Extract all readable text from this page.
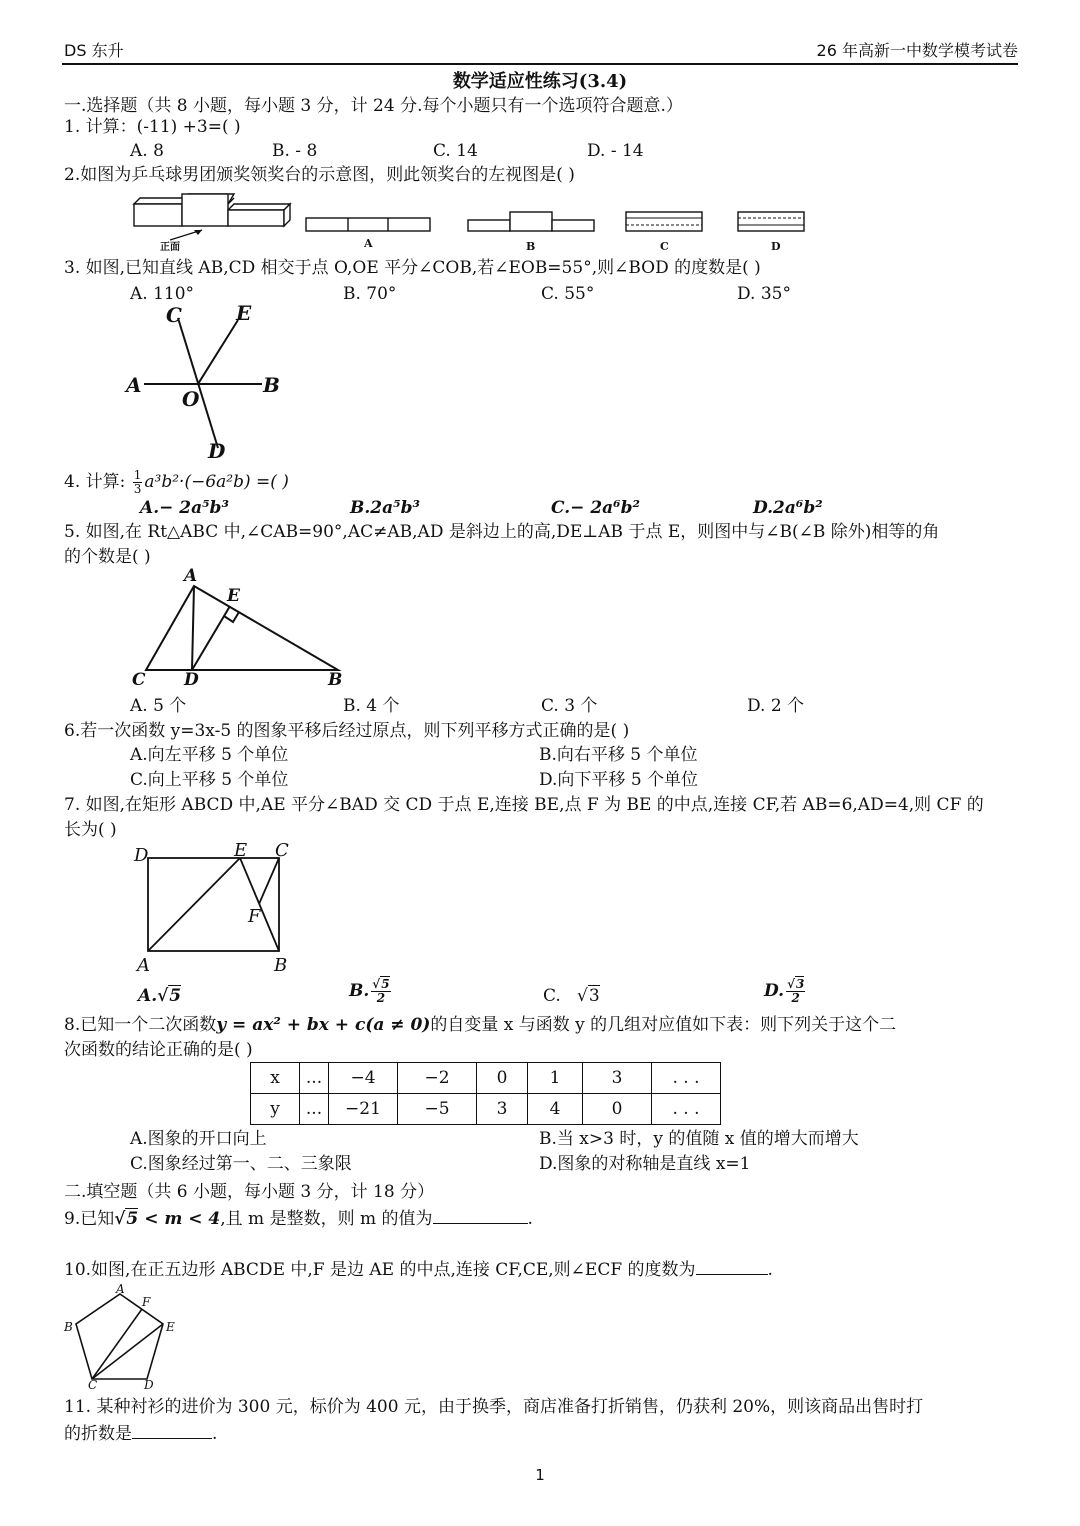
DS 东升	26 年高新一中数学模考试卷
数学适应性练习(3.4)
一.选择题（共 8 小题，每小题 3 分，计 24 分.每个小题只有一个选项符合题意.）
1. 计算：(-11) +3=( )
A. 8	B. - 8	C. 14	D. - 14
2.如图为乒乓球男团颁奖领奖台的示意图，则此领奖台的左视图是( )
正面	A	B	C	D
3. 如图,已知直线 AB,CD 相交于点 O,OE 平分∠COB,若∠EOB=55°,则∠BOD 的度数是( )
A. 110°	B. 70°	C. 55°	D. 35°
C	E
A	B
O
D
4. 计算: $\frac{1}{3} a^3b^2\cdot(-6a^2b)$ =( )
A.− 2a⁵b³	B.2a⁵b³	C.− 2a⁶b²	D.2a⁶b²
5. 如图,在 Rt△ABC 中,∠CAB=90°,AC≠AB,AD 是斜边上的高,DE⊥AB 于点 E，则图中与∠B(∠B 除外)相等的角
的个数是( )
A
E
C D	B
A. 5 个	B. 4 个	C. 3 个	D. 2 个
6.若一次函数 y=3x-5 的图象平移后经过原点，则下列平移方式正确的是( )
A.向左平移 5 个单位	B.向右平移 5 个单位
C.向上平移 5 个单位	D.向下平移 5 个单位
7. 如图,在矩形 ABCD 中,AE 平分∠BAD 交 CD 于点 E,连接 BE,点 F 为 BE 的中点,连接 CF,若 AB=6,AD=4,则 CF 的
长为( )
D	E C
F
A	B
A.√5	B. $\frac{√5}{2}$	C.   √3	D. $\frac{√3}{2}$
8.已知一个二次函数y = ax² + bx + c(a ≠ 0)的自变量 x 与函数 y 的几组对应值如下表：则下列关于这个二
次函数的结论正确的是( )
x	...	−4	−2	0	1	3	. . .
y	...	−21	−5	3	4	0	. . .
A.图象的开口向上	B.当 x>3 时，y 的值随 x 值的增大而增大
C.图象经过第一、二、三象限	D.图象的对称轴是直线 x=1
二.填空题（共 6 小题，每小题 3 分，计 18 分）
9.已知√5 < m < 4,且 m 是整数，则 m 的值为	.
10.如图,在正五边形 ABCDE 中,F 是边 AE 的中点,连接 CF,CE,则∠ECF 的度数为	.
A
F
B	E
C	D
11. 某种衬衫的进价为 300 元，标价为 400 元，由于换季，商店准备打折销售，仍获利 20%，则该商品出售时打
的折数是	.
1
